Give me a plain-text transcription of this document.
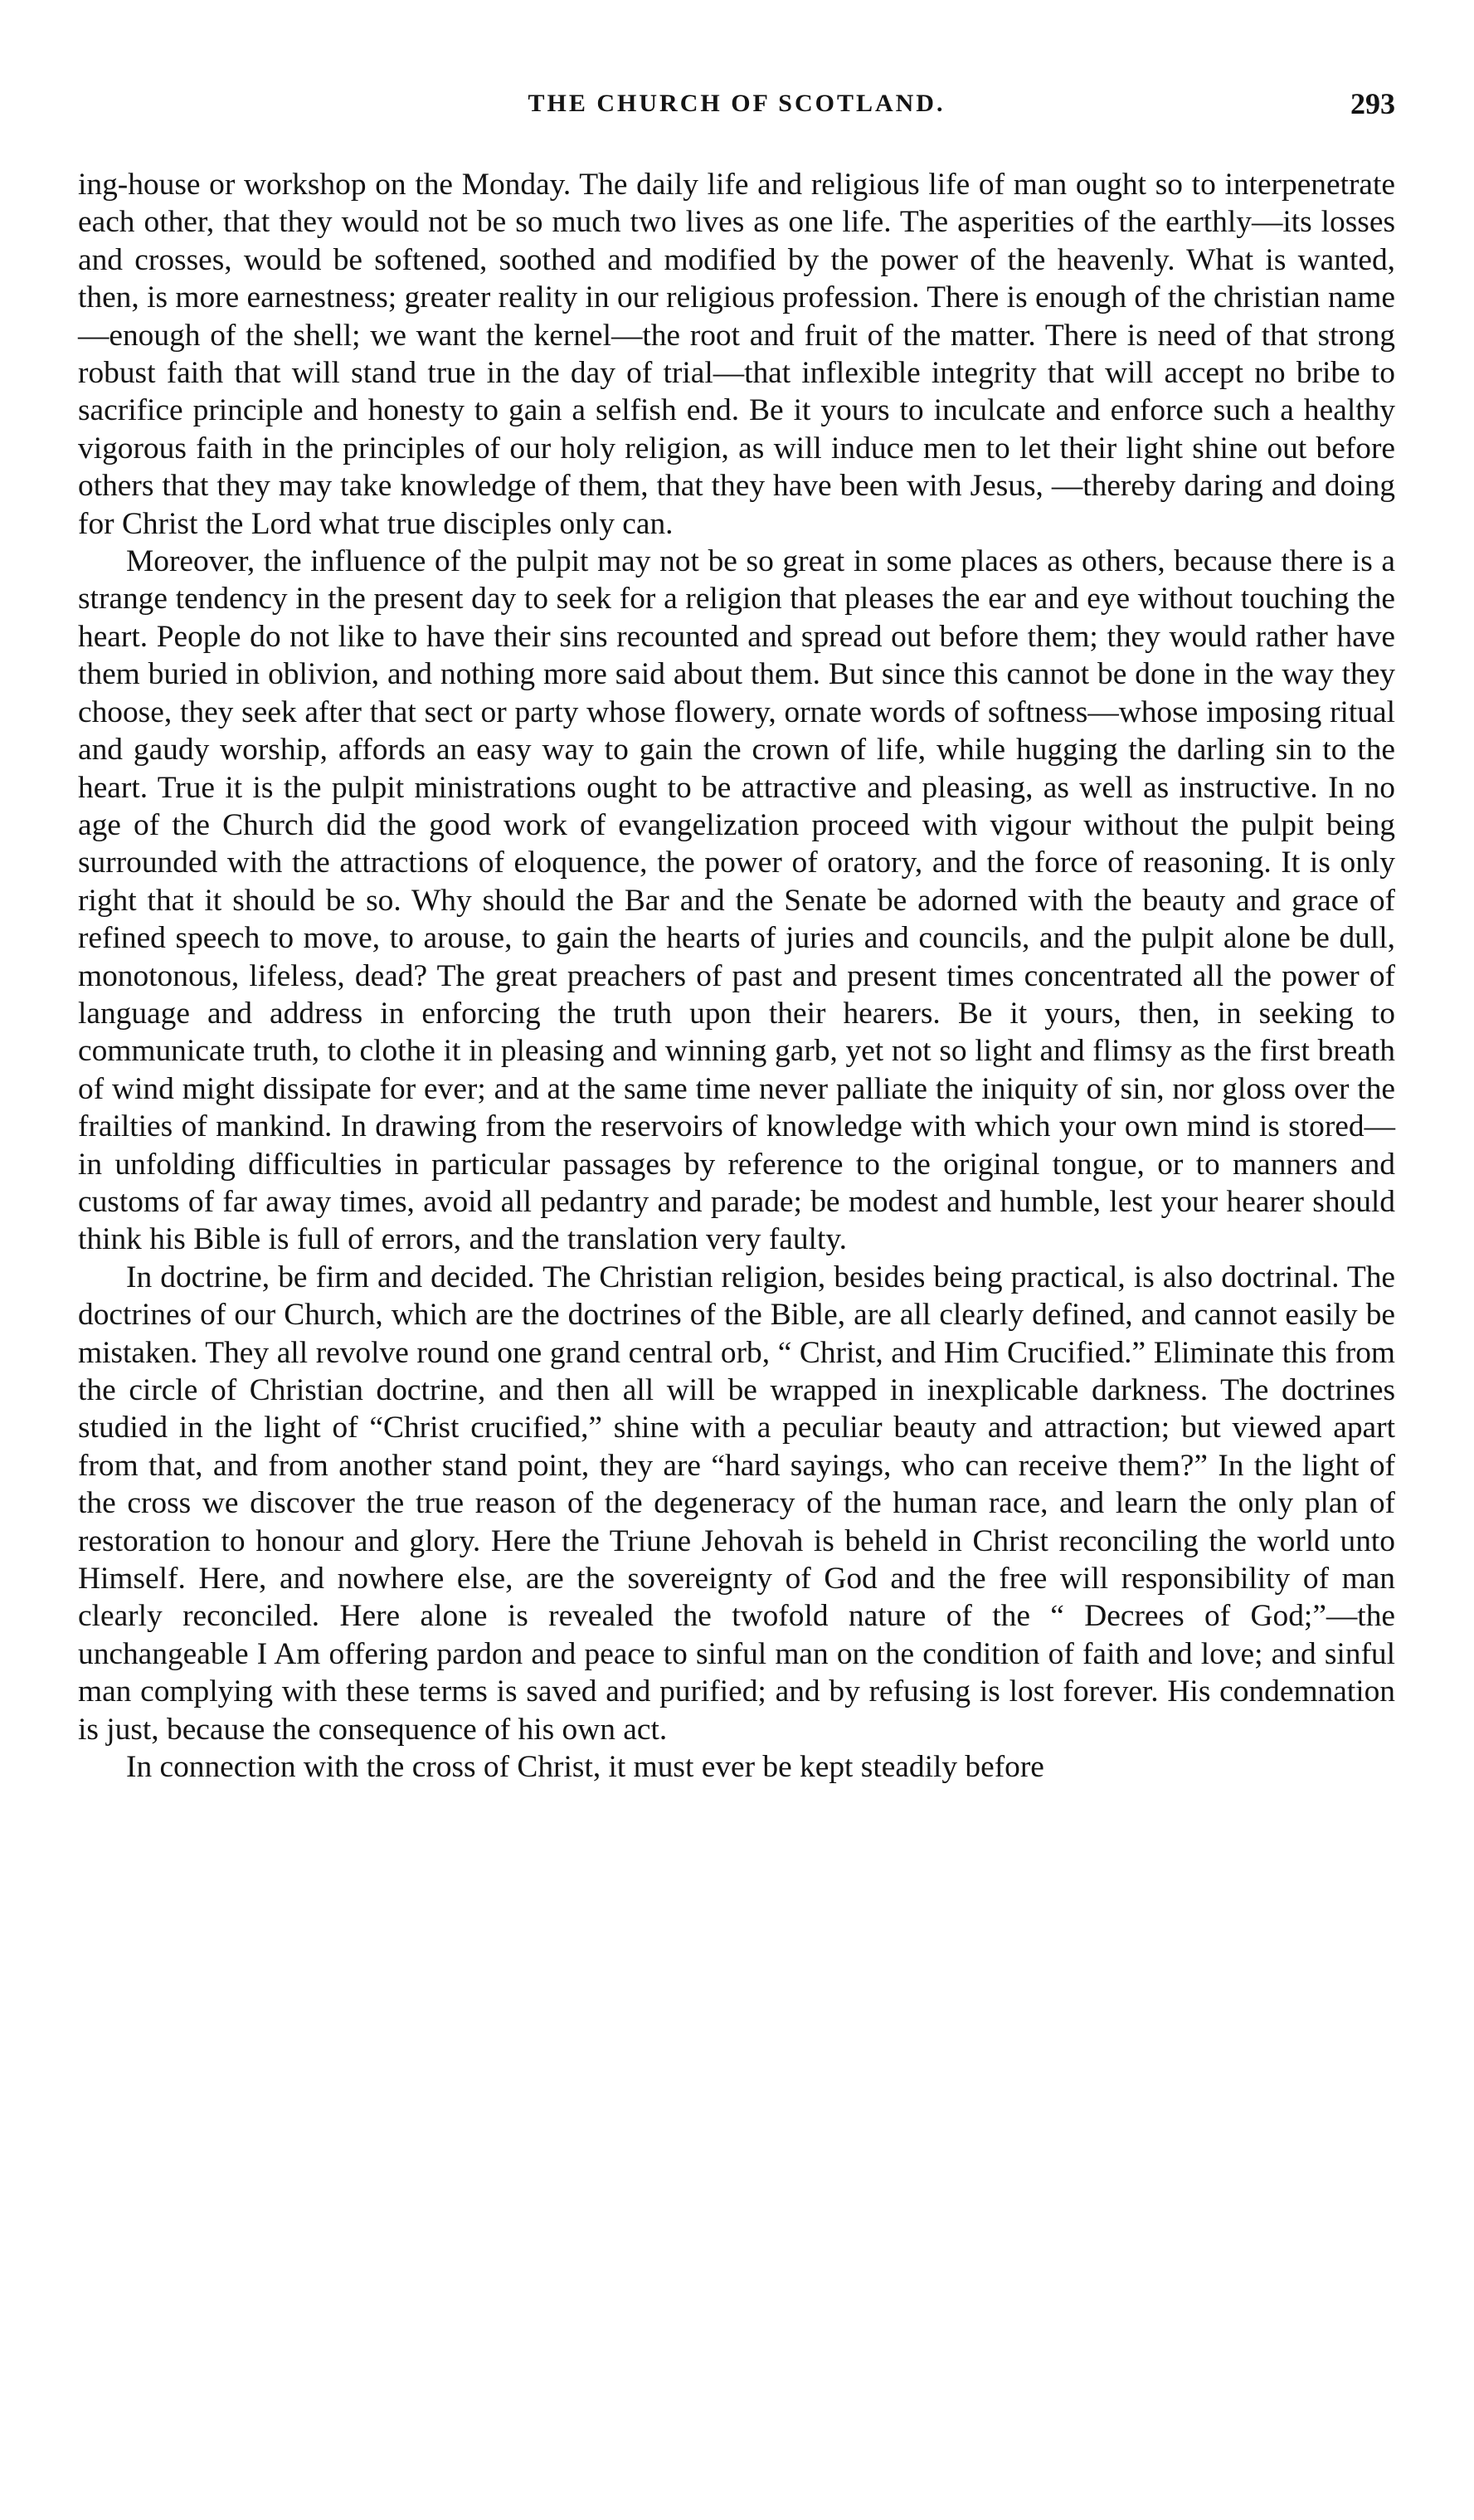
THE CHURCH OF SCOTLAND.	293

ing-house or workshop on the Monday. The daily life and religious life of man ought so to interpenetrate each other, that they would not be so much two lives as one life. The asperities of the earthly—its losses and crosses, would be softened, soothed and modified by the power of the heavenly. What is wanted, then, is more earnestness; greater reality in our religious profession. There is enough of the christian name—enough of the shell; we want the kernel—the root and fruit of the matter. There is need of that strong robust faith that will stand true in the day of trial—that inflexible integrity that will accept no bribe to sacrifice principle and honesty to gain a selfish end. Be it yours to inculcate and enforce such a healthy vigorous faith in the principles of our holy religion, as will induce men to let their light shine out before others that they may take knowledge of them, that they have been with Jesus, —thereby daring and doing for Christ the Lord what true disciples only can.

Moreover, the influence of the pulpit may not be so great in some places as others, because there is a strange tendency in the present day to seek for a religion that pleases the ear and eye without touching the heart. People do not like to have their sins recounted and spread out before them; they would rather have them buried in oblivion, and nothing more said about them. But since this cannot be done in the way they choose, they seek after that sect or party whose flowery, ornate words of softness—whose imposing ritual and gaudy worship, affords an easy way to gain the crown of life, while hugging the darling sin to the heart. True it is the pulpit ministrations ought to be attractive and pleasing, as well as instructive. In no age of the Church did the good work of evangelization proceed with vigour without the pulpit being surrounded with the attractions of eloquence, the power of oratory, and the force of reasoning. It is only right that it should be so. Why should the Bar and the Senate be adorned with the beauty and grace of refined speech to move, to arouse, to gain the hearts of juries and councils, and the pulpit alone be dull, monotonous, lifeless, dead? The great preachers of past and present times concentrated all the power of language and address in enforcing the truth upon their hearers. Be it yours, then, in seeking to communicate truth, to clothe it in pleasing and winning garb, yet not so light and flimsy as the first breath of wind might dissipate for ever; and at the same time never palliate the iniquity of sin, nor gloss over the frailties of mankind. In drawing from the reservoirs of knowledge with which your own mind is stored—in unfolding difficulties in particular passages by reference to the original tongue, or to manners and customs of far away times, avoid all pedantry and parade; be modest and humble, lest your hearer should think his Bible is full of errors, and the translation very faulty.

In doctrine, be firm and decided. The Christian religion, besides being practical, is also doctrinal. The doctrines of our Church, which are the doctrines of the Bible, are all clearly defined, and cannot easily be mistaken. They all revolve round one grand central orb, “ Christ, and Him Crucified.” Eliminate this from the circle of Christian doctrine, and then all will be wrapped in inexplicable darkness. The doctrines studied in the light of “Christ crucified,” shine with a peculiar beauty and attraction; but viewed apart from that, and from another stand point, they are “hard sayings, who can receive them?” In the light of the cross we discover the true reason of the degeneracy of the human race, and learn the only plan of restoration to honour and glory. Here the Triune Jehovah is beheld in Christ reconciling the world unto Himself. Here, and nowhere else, are the sovereignty of God and the free will responsibility of man clearly reconciled. Here alone is revealed the twofold nature of the “ Decrees of God;”—the unchangeable I Am offering pardon and peace to sinful man on the condition of faith and love; and sinful man complying with these terms is saved and purified; and by refusing is lost forever. His condemnation is just, because the consequence of his own act.

In connection with the cross of Christ, it must ever be kept steadily before
